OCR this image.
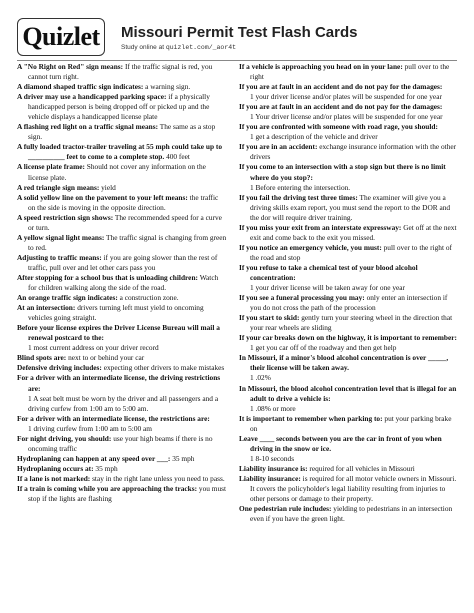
Quizlet	Missouri Permit Test Flash Cards
Study online at quizlet.com/_aor4t

A "No Right on Red" sign means: If the traffic signal is red, you cannot turn right.

A diamond shaped traffic sign indicates: a warning sign.

A driver may use a handicapped parking space: if a physically handicapped person is being dropped off or picked up and the vehicle displays a handicapped license plate

A flashing red light on a traffic signal means: The same as a stop sign.

A fully loaded tractor-trailer traveling at 55 mph could take up to __________ feet to come to a complete stop. 400 feet

A license plate frame: Should not cover any information on the license plate.

A red triangle sign means: yield

A solid yellow line on the pavement to your left means: the traffic on the side is moving in the opposite direction.

A speed restriction sign shows: The recommended speed for a curve or turn.

A yellow signal light means: The traffic signal is changing from green to red.

Adjusting to traffic means: if you are going slower than the rest of traffic, pull over and let other cars pass you

After stopping for a school bus that is unloading children: Watch for children walking along the side of the road.

An orange traffic sign indicates: a construction zone.

At an intersection: drivers turning left must yield to oncoming vehicles going straight.

Before your license expires the Driver License Bureau will mail a renewal postcard to the:
1 most current address on your driver record

Blind spots are: next to or behind your car

Defensive driving includes: expecting other drivers to make mistakes

For a driver with an intermediate license, the driving restrictions are:
1 A seat belt must be worn by the driver and all passengers and a driving curfew from 1:00 am to 5:00 am.

For a driver with an intermediate license, the restrictions are:
1 driving curfew from 1:00 am to 5:00 am

For night driving, you should: use your high beams if there is no oncoming traffic

Hydroplaning can happen at any speed over ___: 35 mph

Hydroplaning occurs at: 35 mph

If a lane is not marked: stay in the right lane unless you need to pass.

If a train is coming while you are approaching the tracks: you must stop if the lights are flashing

If a vehicle is approaching you head on in your lane: pull over to the right

If you are at fault in an accident and do not pay for the damages:
1 your driver license and/or plates will be suspended for one year

If you are at fault in an accident and do not pay for the damages:
1 Your driver license and/or plates will be suspended for one year

If you are confronted with someone with road rage, you should:
1 get a description of the vehicle and driver

If you are in an accident: exchange insurance information with the other drivers

If you come to an intersection with a stop sign but there is no limit where do you stop?:
1 Before entering the intersection.

If you fail the driving test three times: The examiner will give you a driving skills exam report, you must send the report to the DOR and the dor will require driver training.

If you miss your exit from an interstate expressway: Get off at the next exit and come back to the exit you missed.

If you notice an emergency vehicle, you must: pull over to the right of the road and stop

If you refuse to take a chemical test of your blood alcohol concentration:
1 your driver license will be taken away for one year

If you see a funeral processing you may: only enter an intersection if you do not cross the path of the procession

If you start to skid: gently turn your steering wheel in the direction that your rear wheels are sliding

If your car breaks down on the highway, it is important to remember:
1 get you car off of the roadway and then get help

In Missouri, if a minor's blood alcohol concentration is over _____, their license will be taken away.
1 .02%

In Missouri, the blood alcohol concentration level that is illegal for an adult to drive a vehicle is:
1 .08% or more

It is important to remember when parking to: put your parking brake on

Leave ____ seconds between you are the car in front of you when driving in the snow or ice.
1 8-10 seconds

Liability insurance is: required for all vehicles in Missouri

Liability insurance: is required for all motor vehicle owners in Missouri. It covers the policyholder's legal liability resulting from injuries to other persons or damage to their property.

One pedestrian rule includes: yielding to pedestrians in an intersection even if you have the green light.
